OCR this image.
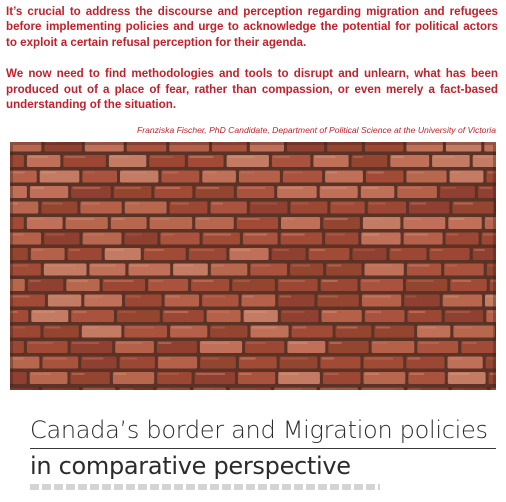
It’s crucial to address the discourse and perception regarding migration and refugees before implementing policies and urge to acknowledge the potential for political actors to exploit a certain refusal perception for their agenda.

We now need to find methodologies and tools to disrupt and unlearn, what has been produced out of a place of fear, rather than compassion, or even merely a fact-based understanding of the situation.

Franziska Fischer, PhD Candidate, Department of Political Science at the University of Victoria
Canada’s border and Migration policies
in comparative perspective
